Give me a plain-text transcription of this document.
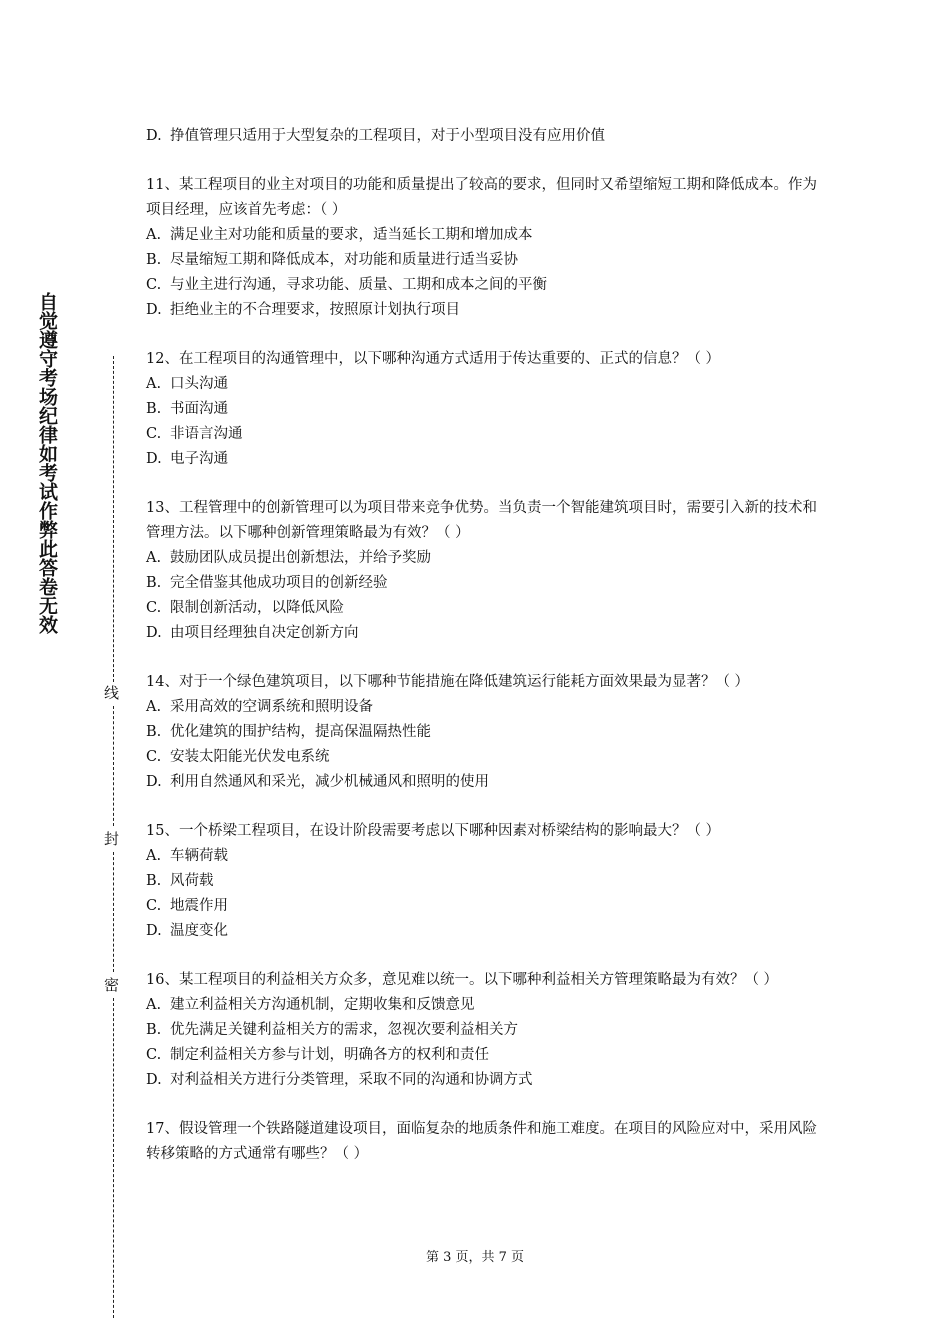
自觉遵守考场纪律如考试作弊此答卷无效
线
封
密
D. 挣值管理只适用于大型复杂的工程项目，对于小型项目没有应用价值

11、某工程项目的业主对项目的功能和质量提出了较高的要求，但同时又希望缩短工期和降低成本。作为项目经理，应该首先考虑：（ ）

A. 满足业主对功能和质量的要求，适当延长工期和增加成本
B. 尽量缩短工期和降低成本，对功能和质量进行适当妥协
C. 与业主进行沟通，寻求功能、质量、工期和成本之间的平衡
D. 拒绝业主的不合理要求，按照原计划执行项目

12、在工程项目的沟通管理中，以下哪种沟通方式适用于传达重要的、正式的信息？（ ）

A. 口头沟通
B. 书面沟通
C. 非语言沟通
D. 电子沟通

13、工程管理中的创新管理可以为项目带来竞争优势。当负责一个智能建筑项目时，需要引入新的技术和管理方法。以下哪种创新管理策略最为有效？（ ）

A. 鼓励团队成员提出创新想法，并给予奖励
B. 完全借鉴其他成功项目的创新经验
C. 限制创新活动，以降低风险
D. 由项目经理独自决定创新方向

14、对于一个绿色建筑项目，以下哪种节能措施在降低建筑运行能耗方面效果最为显著？（ ）

A. 采用高效的空调系统和照明设备
B. 优化建筑的围护结构，提高保温隔热性能
C. 安装太阳能光伏发电系统
D. 利用自然通风和采光，减少机械通风和照明的使用

15、一个桥梁工程项目，在设计阶段需要考虑以下哪种因素对桥梁结构的影响最大？（ ）

A. 车辆荷载
B. 风荷载
C. 地震作用
D. 温度变化

16、某工程项目的利益相关方众多，意见难以统一。以下哪种利益相关方管理策略最为有效？（ ）

A. 建立利益相关方沟通机制，定期收集和反馈意见
B. 优先满足关键利益相关方的需求，忽视次要利益相关方
C. 制定利益相关方参与计划，明确各方的权利和责任
D. 对利益相关方进行分类管理，采取不同的沟通和协调方式

17、假设管理一个铁路隧道建设项目，面临复杂的地质条件和施工难度。在项目的风险应对中，采用风险转移策略的方式通常有哪些？（ ）

第 3 页，共 7 页
